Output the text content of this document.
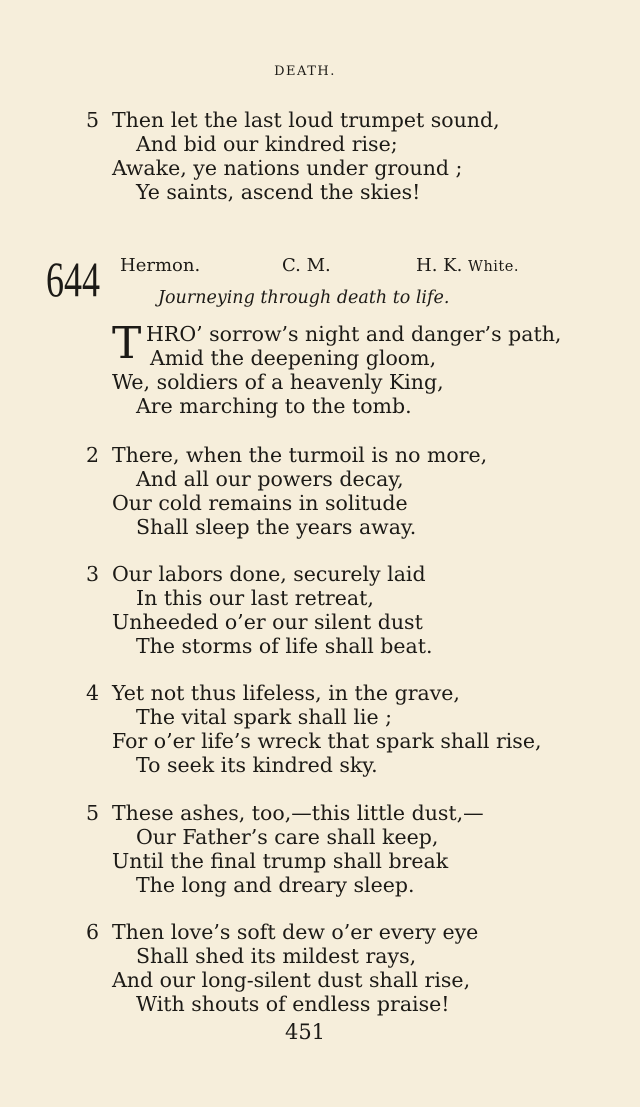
DEATH.
5 Then let the last loud trumpet sound,
And bid our kindred rise;
Awake, ye nations under ground ;
Ye saints, ascend the skies!
644 Hermon.	C. M.	H. K. White.
Journeying through death to life.
T HRO’ sorrow’s night and danger’s path,
Amid the deepening gloom,
We, soldiers of a heavenly King,
Are marching to the tomb.
2 There, when the turmoil is no more,
And all our powers decay,
Our cold remains in solitude
Shall sleep the years away.
3 Our labors done, securely laid
In this our last retreat,
Unheeded o’er our silent dust
The storms of life shall beat.
4 Yet not thus lifeless, in the grave,
The vital spark shall lie ;
For o’er life’s wreck that spark shall rise,
To seek its kindred sky.
5 These ashes, too,—this little dust,—
Our Father’s care shall keep,
Until the final trump shall break
The long and dreary sleep.
6 Then love’s soft dew o’er every eye
Shall shed its mildest rays,
And our long-silent dust shall rise,
With shouts of endless praise!
451
